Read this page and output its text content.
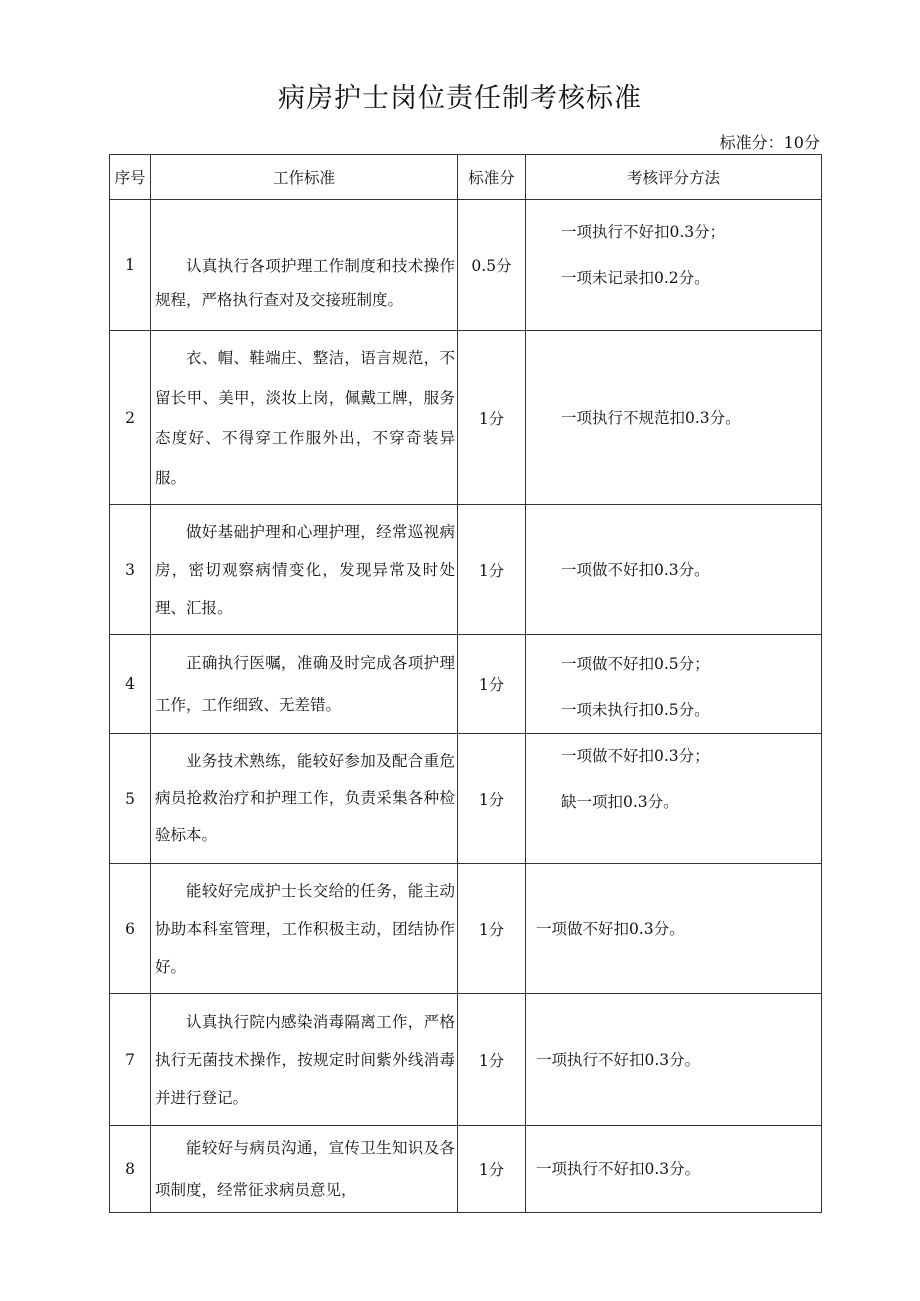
病房护士岗位责任制考核标准
标准分：10分
序号	工作标准	标准分	考核评分方法
1	认真执行各项护理工作制度和技术操作规程，严格执行查对及交接班制度。	0.5分	一项执行不好扣0.3分；
一项未记录扣0.2分。

2	衣、帽、鞋端庄、整洁，语言规范，不留长甲、美甲，淡妆上岗，佩戴工牌，服务态度好、不得穿工作服外出，不穿奇装异服。	1分	一项执行不规范扣0.3分。

3	做好基础护理和心理护理，经常巡视病房，密切观察病情变化，发现异常及时处理、汇报。	1分	一项做不好扣0.3分。

4	正确执行医嘱，准确及时完成各项护理工作，工作细致、无差错。	1分	一项做不好扣0.5分；
一项未执行扣0.5分。

5	业务技术熟练，能较好参加及配合重危病员抢救治疗和护理工作，负责采集各种检验标本。	1分	一项做不好扣0.3分；
缺一项扣0.3分。

6	能较好完成护士长交给的任务，能主动协助本科室管理，工作积极主动，团结协作好。	1分	一项做不好扣0.3分。

7	认真执行院内感染消毒隔离工作，严格执行无菌技术操作，按规定时间紫外线消毒并进行登记。	1分	一项执行不好扣0.3分。

8	能较好与病员沟通，宣传卫生知识及各项制度，经常征求病员意见，	1分	一项执行不好扣0.3分。
